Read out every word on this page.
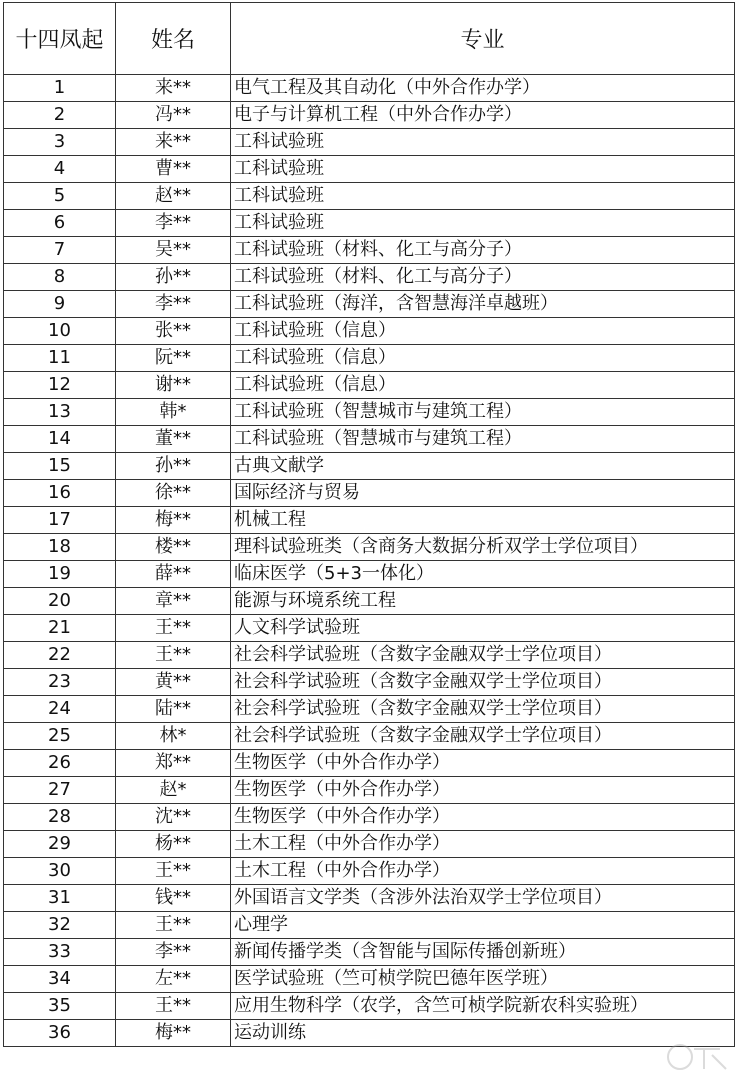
十四凤起	姓名	专业
1	来**	电气工程及其自动化（中外合作办学）
2	冯**	电子与计算机工程（中外合作办学）
3	来**	工科试验班
4	曹**	工科试验班
5	赵**	工科试验班
6	李**	工科试验班
7	吴**	工科试验班（材料、化工与高分子）
8	孙**	工科试验班（材料、化工与高分子）
9	李**	工科试验班（海洋，含智慧海洋卓越班）
10	张**	工科试验班（信息）
11	阮**	工科试验班（信息）
12	谢**	工科试验班（信息）
13	韩*	工科试验班（智慧城市与建筑工程）
14	董**	工科试验班（智慧城市与建筑工程）
15	孙**	古典文献学
16	徐**	国际经济与贸易
17	梅**	机械工程
18	楼**	理科试验班类（含商务大数据分析双学士学位项目）
19	薛**	临床医学（5+3一体化）
20	章**	能源与环境系统工程
21	王**	人文科学试验班
22	王**	社会科学试验班（含数字金融双学士学位项目）
23	黄**	社会科学试验班（含数字金融双学士学位项目）
24	陆**	社会科学试验班（含数字金融双学士学位项目）
25	林*	社会科学试验班（含数字金融双学士学位项目）
26	郑**	生物医学（中外合作办学）
27	赵*	生物医学（中外合作办学）
28	沈**	生物医学（中外合作办学）
29	杨**	土木工程（中外合作办学）
30	王**	土木工程（中外合作办学）
31	钱**	外国语言文学类（含涉外法治双学士学位项目）
32	王**	心理学
33	李**	新闻传播学类（含智能与国际传播创新班）
34	左**	医学试验班（竺可桢学院巴德年医学班）
35	王**	应用生物科学（农学，含竺可桢学院新农科实验班）
36	梅**	运动训练
